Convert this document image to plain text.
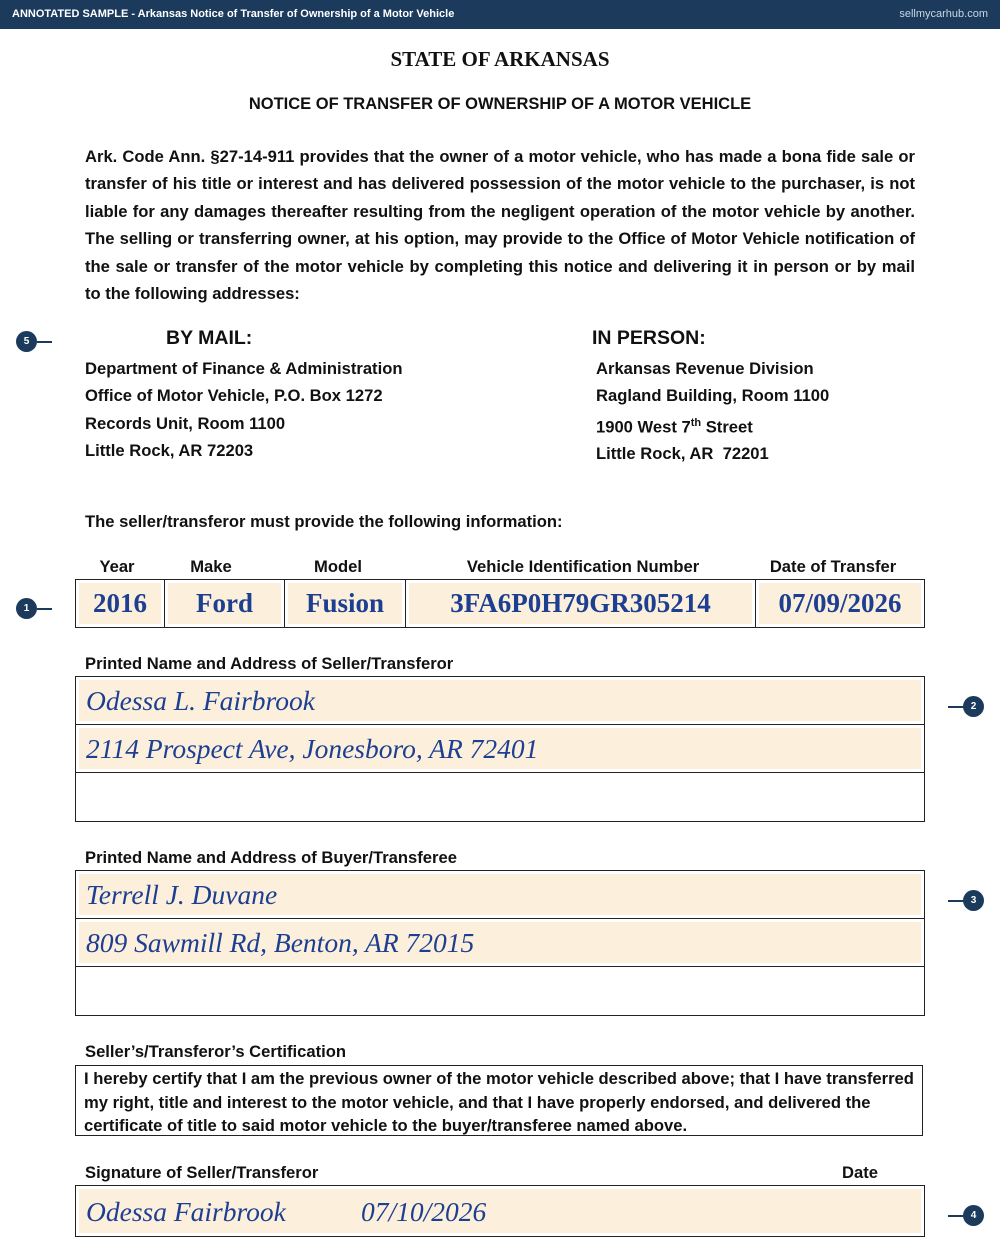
ANNOTATED SAMPLE - Arkansas Notice of Transfer of Ownership of a Motor Vehicle	sellmycarhub.com
STATE OF ARKANSAS
NOTICE OF TRANSFER OF OWNERSHIP OF A MOTOR VEHICLE
Ark. Code Ann. §27-14-911 provides that the owner of a motor vehicle, who has made a bona fide sale or transfer of his title or interest and has delivered possession of the motor vehicle to the purchaser, is not liable for any damages thereafter resulting from the negligent operation of the motor vehicle by another. The selling or transferring owner, at his option, may provide to the Office of Motor Vehicle notification of the sale or transfer of the motor vehicle by completing this notice and delivering it in person or by mail to the following addresses:
BY MAIL:
Department of Finance & Administration
Office of Motor Vehicle, P.O. Box 1272
Records Unit, Room 1100
Little Rock, AR 72203
IN PERSON:
Arkansas Revenue Division
Ragland Building, Room 1100
1900 West 7th Street
Little Rock, AR  72201
The seller/transferor must provide the following information:
Year	Make	Model	Vehicle Identification Number	Date of Transfer
2016	Ford	Fusion	3FA6P0H79GR305214	07/09/2026
Printed Name and Address of Seller/Transferor
Odessa L. Fairbrook
2114 Prospect Ave, Jonesboro, AR 72401
Printed Name and Address of Buyer/Transferee
Terrell J. Duvane
809 Sawmill Rd, Benton, AR 72015
Seller’s/Transferor’s Certification
I hereby certify that I am the previous owner of the motor vehicle described above; that I have transferred my right, title and interest to the motor vehicle, and that I have properly endorsed, and delivered the certificate of title to said motor vehicle to the buyer/transferee named above.
Signature of Seller/Transferor	Date
Odessa Fairbrook	07/10/2026
5
1
2
3
4
